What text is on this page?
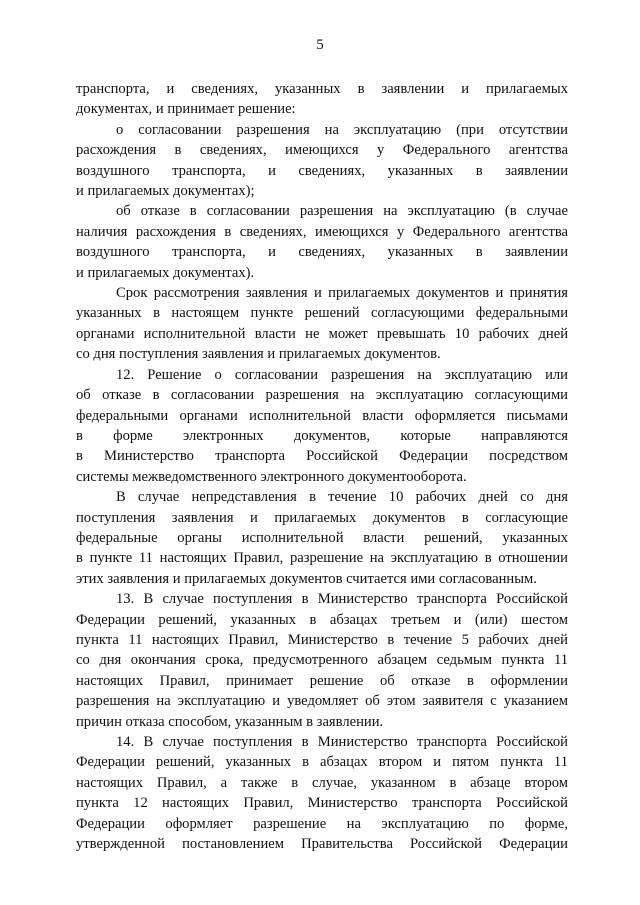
5
транспорта, и сведениях, указанных в заявлении и прилагаемых
документах, и принимает решение:
о согласовании разрешения на эксплуатацию (при отсутствии
расхождения в сведениях, имеющихся у Федерального агентства
воздушного транспорта, и сведениях, указанных в заявлении
и прилагаемых документах);
об отказе в согласовании разрешения на эксплуатацию (в случае
наличия расхождения в сведениях, имеющихся у Федерального агентства
воздушного транспорта, и сведениях, указанных в заявлении
и прилагаемых документах).
Срок рассмотрения заявления и прилагаемых документов и принятия
указанных в настоящем пункте решений согласующими федеральными
органами исполнительной власти не может превышать 10 рабочих дней
со дня поступления заявления и прилагаемых документов.
12. Решение о согласовании разрешения на эксплуатацию или
об отказе в согласовании разрешения на эксплуатацию согласующими
федеральными органами исполнительной власти оформляется письмами
в форме электронных документов, которые направляются
в Министерство транспорта Российской Федерации посредством
системы межведомственного электронного документооборота.
В случае непредставления в течение 10 рабочих дней со дня
поступления заявления и прилагаемых документов в согласующие
федеральные органы исполнительной власти решений, указанных
в пункте 11 настоящих Правил, разрешение на эксплуатацию в отношении
этих заявления и прилагаемых документов считается ими согласованным.
13. В случае поступления в Министерство транспорта Российской
Федерации решений, указанных в абзацах третьем и (или) шестом
пункта 11 настоящих Правил, Министерство в течение 5 рабочих дней
со дня окончания срока, предусмотренного абзацем седьмым пункта 11
настоящих Правил, принимает решение об отказе в оформлении
разрешения на эксплуатацию и уведомляет об этом заявителя с указанием
причин отказа способом, указанным в заявлении.
14. В случае поступления в Министерство транспорта Российской
Федерации решений, указанных в абзацах втором и пятом пункта 11
настоящих Правил, а также в случае, указанном в абзаце втором
пункта 12 настоящих Правил, Министерство транспорта Российской
Федерации оформляет разрешение на эксплуатацию по форме,
утвержденной постановлением Правительства Российской Федерации
